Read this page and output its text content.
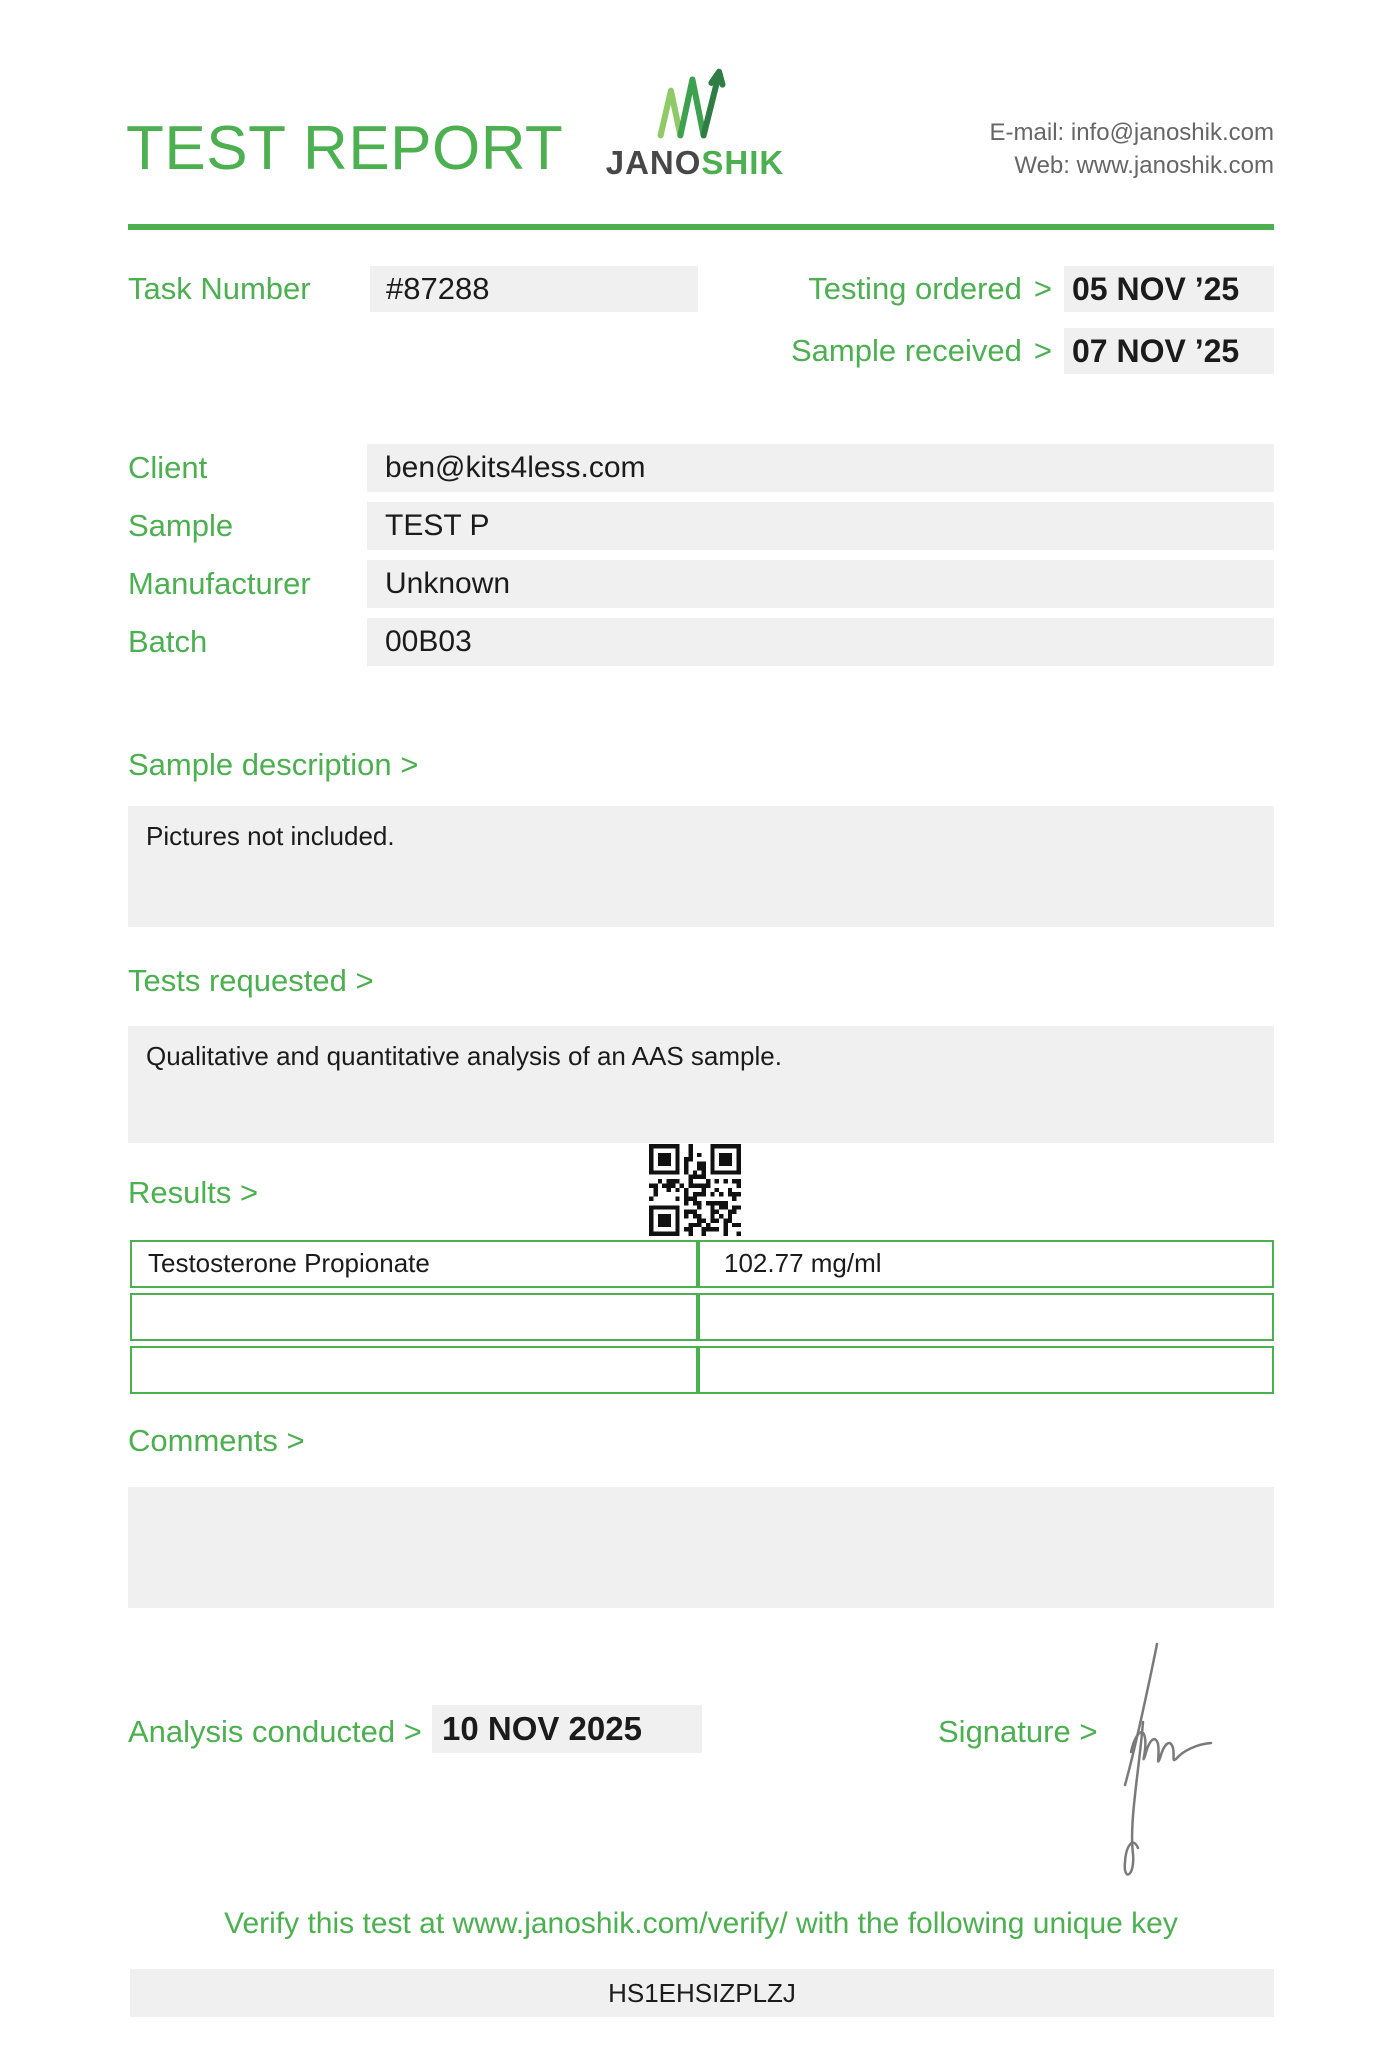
TEST REPORT	JANOSHIK
E-mail: info@janoshik.com
Web: www.janoshik.com
Task Number	#87288	Testing ordered > 05 NOV ’25
Sample received > 07 NOV ’25
Client	ben@kits4less.com
Sample	TEST P
Manufacturer	Unknown
Batch	00B03
Sample description >
Pictures not included.
Tests requested >
Qualitative and quantitative analysis of an AAS sample.
Results >
Testosterone Propionate	102.77 mg/ml
Comments >
Analysis conducted > 10 NOV 2025	Signature >
Verify this test at www.janoshik.com/verify/ with the following unique key
HS1EHSIZPLZJ
